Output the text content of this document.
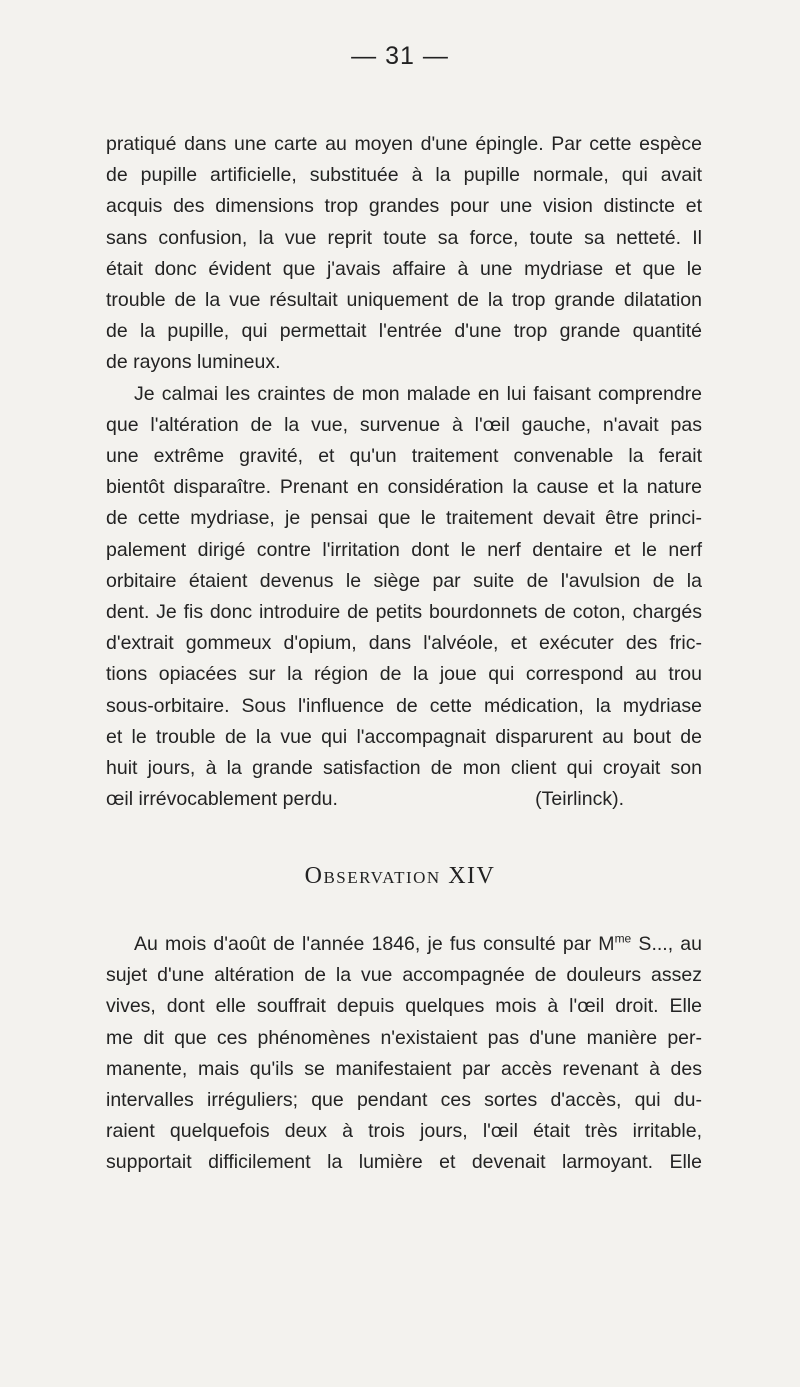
— 31 —
pratiqué dans une carte au moyen d'une épingle. Par cette espèce
de pupille artificielle, substituée à la pupille normale, qui avait
acquis des dimensions trop grandes pour une vision distincte et
sans confusion, la vue reprit toute sa force, toute sa netteté. Il
était donc évident que j'avais affaire à une mydriase et que le
trouble de la vue résultait uniquement de la trop grande dilatation
de la pupille, qui permettait l'entrée d'une trop grande quantité
de rayons lumineux.
Je calmai les craintes de mon malade en lui faisant comprendre
que l'altération de la vue, survenue à l'œil gauche, n'avait pas
une extrême gravité, et qu'un traitement convenable la ferait
bientôt disparaître. Prenant en considération la cause et la nature
de cette mydriase, je pensai que le traitement devait être princi-
palement dirigé contre l'irritation dont le nerf dentaire et le nerf
orbitaire étaient devenus le siège par suite de l'avulsion de la
dent. Je fis donc introduire de petits bourdonnets de coton, chargés
d'extrait gommeux d'opium, dans l'alvéole, et exécuter des fric-
tions opiacées sur la région de la joue qui correspond au trou
sous-orbitaire. Sous l'influence de cette médication, la mydriase
et le trouble de la vue qui l'accompagnait disparurent au bout de
huit jours, à la grande satisfaction de mon client qui croyait son
œil irrévocablement perdu.	(Teirlinck).
Observation XIV
Au mois d'août de l'année 1846, je fus consulté par $M^{me}$ S..., au
sujet d'une altération de la vue accompagnée de douleurs assez
vives, dont elle souffrait depuis quelques mois à l'œil droit. Elle
me dit que ces phénomènes n'existaient pas d'une manière per-
manente, mais qu'ils se manifestaient par accès revenant à des
intervalles irréguliers; que pendant ces sortes d'accès, qui du-
raient quelquefois deux à trois jours, l'œil était très irritable,
supportait difficilement la lumière et devenait larmoyant. Elle
